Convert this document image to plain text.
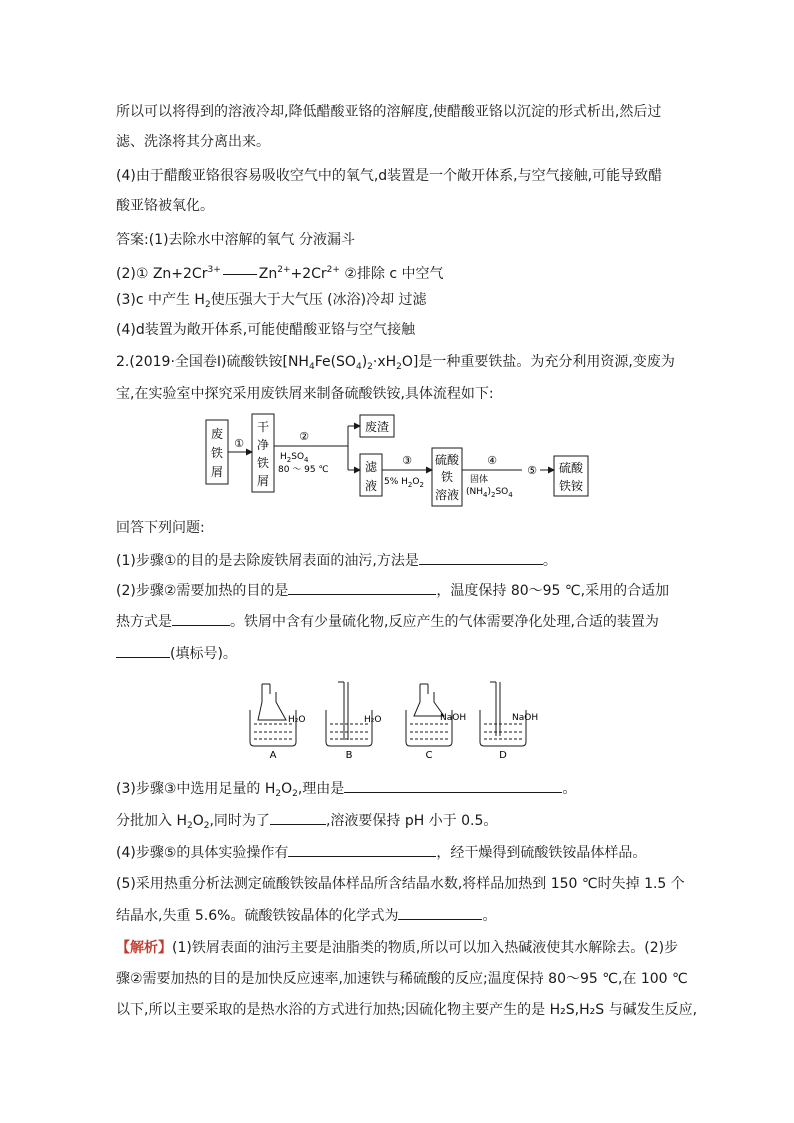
所以可以将得到的溶液冷却,降低醋酸亚铬的溶解度,使醋酸亚铬以沉淀的形式析出,然后过
滤、洗涤将其分离出来。
(4)由于醋酸亚铬很容易吸收空气中的氧气,d装置是一个敞开体系,与空气接触,可能导致醋
酸亚铬被氧化。
答案:(1)去除水中溶解的氧气 分液漏斗
(2)① $Zn+2Cr^{3+}$	$Zn^{2+}+2Cr^{2+}$ ②排除 c 中空气
(3)c 中产生 $H_2$使压强大于大气压 (冰浴)冷却 过滤
(4)d装置为敞开体系,可能使醋酸亚铬与空气接触
2.(2019·全国卷Ⅰ)硫酸铁铵$[NH_4Fe(SO_4)_2\cdot xH_2O]$是一种重要铁盐。为充分利用资源,变废为
宝,在实验室中探究采用废铁屑来制备硫酸铁铵,具体流程如下:
废
铁
屑
①
干
净
铁
屑
②
$H_2SO_4$
80 ～ 95 ℃
废渣
滤
液
③
5% $H_2O_2$
硫酸
铁
溶液
④
固体
$(NH_4)_2SO_4$
⑤ 硫酸
铁铵
回答下列问题:
(1)步骤①的目的是去除废铁屑表面的油污,方法是	。
(2)步骤②需要加热的目的是	，温度保持 80～95 ℃,采用的合适加
热方式是	。铁屑中含有少量硫化物,反应产生的气体需要净化处理,合适的装置为
(填标号)。
H₂O
A
H₂O
B
NaOH
C
NaOH
D
(3)步骤③中选用足量的 $H_2O_2$,理由是	。
分批加入 $H_2O_2$,同时为了	,溶液要保持 pH 小于 0.5。
(4)步骤⑤的具体实验操作有	，经干燥得到硫酸铁铵晶体样品。
(5)采用热重分析法测定硫酸铁铵晶体样品所含结晶水数,将样品加热到 150 ℃时失掉 1.5 个
结晶水,失重 5.6%。硫酸铁铵晶体的化学式为	。
【解析】(1)铁屑表面的油污主要是油脂类的物质,所以可以加入热碱液使其水解除去。(2)步
骤②需要加热的目的是加快反应速率,加速铁与稀硫酸的反应;温度保持 80～95 ℃,在 100 ℃
以下,所以主要采取的是热水浴的方式进行加热;因硫化物主要产生的是 H₂S,H₂S 与碱发生反应,
